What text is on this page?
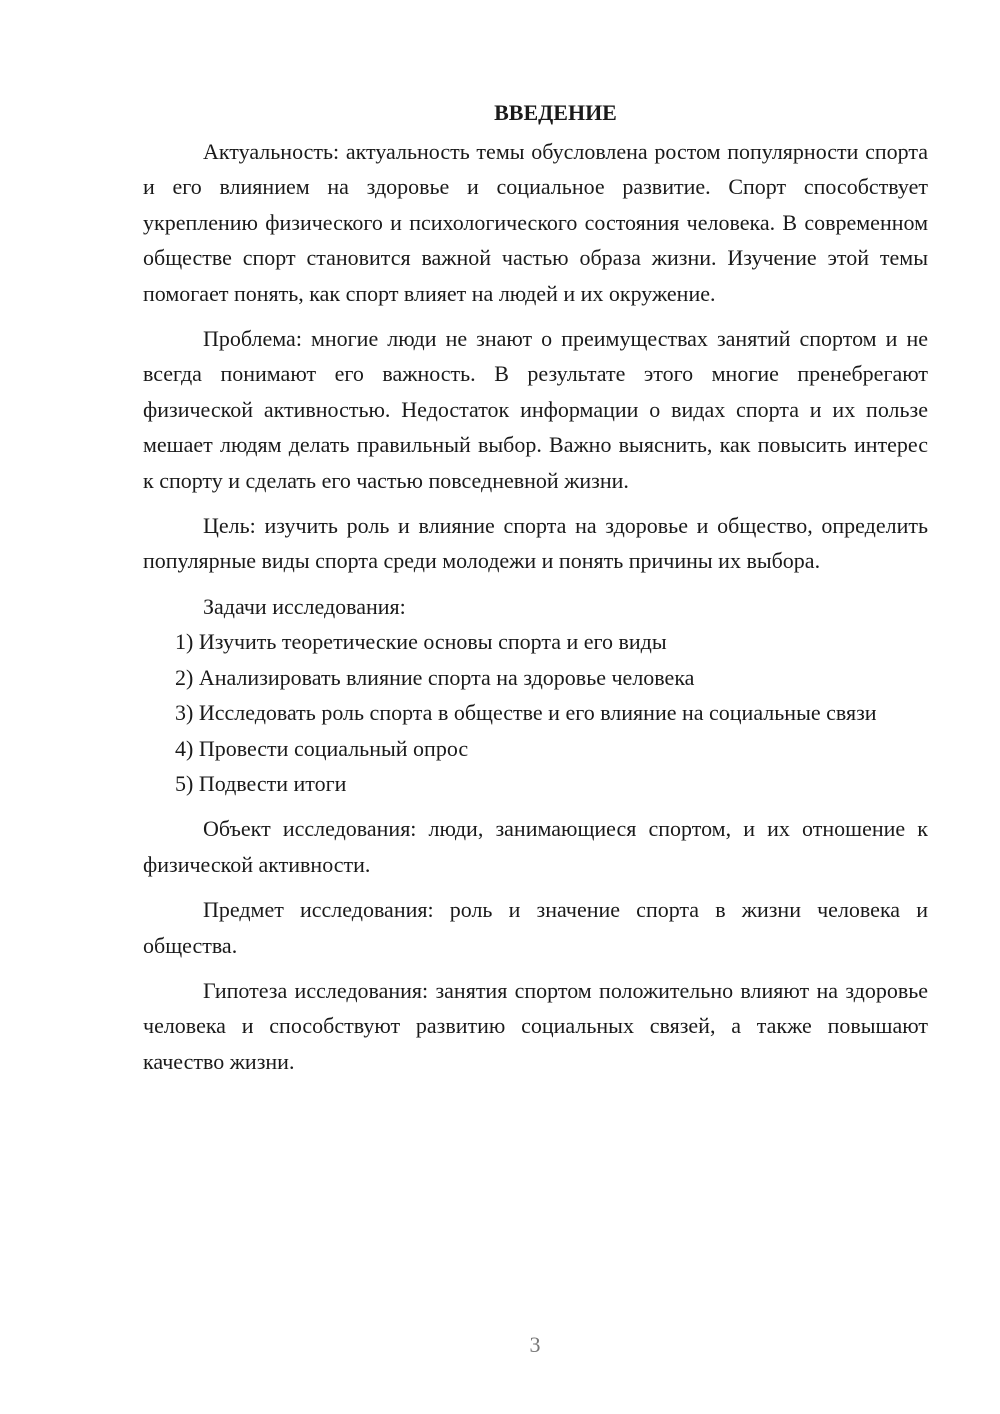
ВВЕДЕНИЕ

Актуальность: актуальность темы обусловлена ростом популярности спорта и его влиянием на здоровье и социальное развитие. Спорт способствует укреплению физического и психологического состояния человека. В современном обществе спорт становится важной частью образа жизни. Изучение этой темы помогает понять, как спорт влияет на людей и их окружение.

Проблема: многие люди не знают о преимуществах занятий спортом и не всегда понимают его важность. В результате этого многие пренебрегают физической активностью. Недостаток информации о видах спорта и их пользе мешает людям делать правильный выбор. Важно выяснить, как повысить интерес к спорту и сделать его частью повседневной жизни.

Цель: изучить роль и влияние спорта на здоровье и общество, определить популярные виды спорта среди молодежи и понять причины их выбора.

Задачи исследования:

1) Изучить теоретические основы спорта и его виды

2) Анализировать влияние спорта на здоровье человека

3) Исследовать роль спорта в обществе и его влияние на социальные связи

4) Провести социальный опрос

5) Подвести итоги

Объект исследования: люди, занимающиеся спортом, и их отношение к физической активности.

Предмет исследования: роль и значение спорта в жизни человека и общества.

Гипотеза исследования: занятия спортом положительно влияют на здоровье человека и способствуют развитию социальных связей, а также повышают качество жизни.

3
